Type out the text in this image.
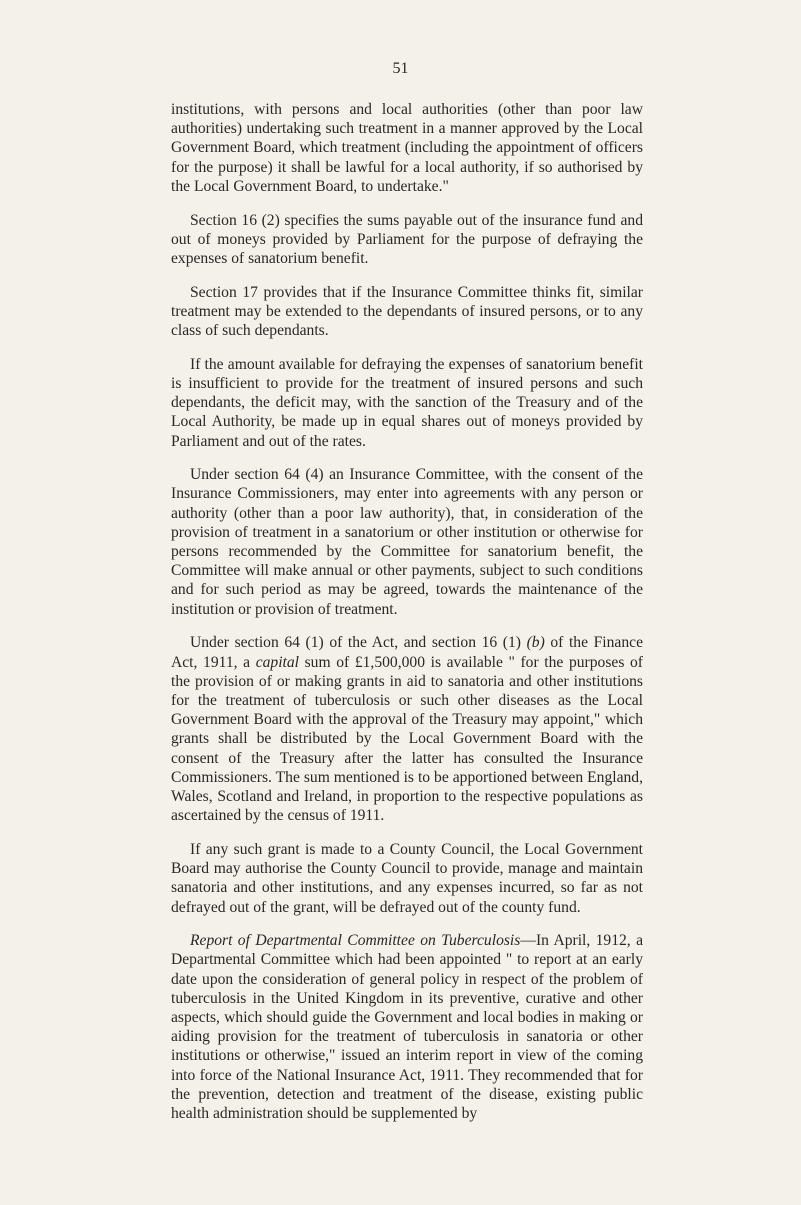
51

institutions, with persons and local authorities (other than poor law authorities) undertaking such treatment in a manner approved by the Local Government Board, which treatment (including the appointment of officers for the purpose) it shall be lawful for a local authority, if so authorised by the Local Government Board, to undertake."

Section 16 (2) specifies the sums payable out of the insurance fund and out of moneys provided by Parliament for the purpose of defraying the expenses of sanatorium benefit.

Section 17 provides that if the Insurance Committee thinks fit, similar treatment may be extended to the dependants of insured persons, or to any class of such dependants.

If the amount available for defraying the expenses of sanatorium benefit is insufficient to provide for the treatment of insured persons and such dependants, the deficit may, with the sanction of the Treasury and of the Local Authority, be made up in equal shares out of moneys provided by Parliament and out of the rates.

Under section 64 (4) an Insurance Committee, with the consent of the Insurance Commissioners, may enter into agreements with any person or authority (other than a poor law authority), that, in consideration of the provision of treatment in a sanatorium or other institution or otherwise for persons recommended by the Committee for sanatorium benefit, the Committee will make annual or other payments, subject to such conditions and for such period as may be agreed, towards the maintenance of the institution or provision of treatment.

Under section 64 (1) of the Act, and section 16 (1) (b) of the Finance Act, 1911, a capital sum of £1,500,000 is available " for the purposes of the provision of or making grants in aid to sanatoria and other institutions for the treatment of tuberculosis or such other diseases as the Local Government Board with the approval of the Treasury may appoint," which grants shall be distributed by the Local Government Board with the consent of the Treasury after the latter has consulted the Insurance Commissioners. The sum mentioned is to be apportioned between England, Wales, Scotland and Ireland, in proportion to the respective populations as ascertained by the census of 1911.

If any such grant is made to a County Council, the Local Government Board may authorise the County Council to provide, manage and maintain sanatoria and other institutions, and any expenses incurred, so far as not defrayed out of the grant, will be defrayed out of the county fund.

Report of Departmental Committee on Tuberculosis—In April, 1912, a Departmental Committee which had been appointed " to report at an early date upon the consideration of general policy in respect of the problem of tuberculosis in the United Kingdom in its preventive, curative and other aspects, which should guide the Government and local bodies in making or aiding provision for the treatment of tuberculosis in sanatoria or other institutions or otherwise," issued an interim report in view of the coming into force of the National Insurance Act, 1911. They recommended that for the prevention, detection and treatment of the disease, existing public health administration should be supplemented by
